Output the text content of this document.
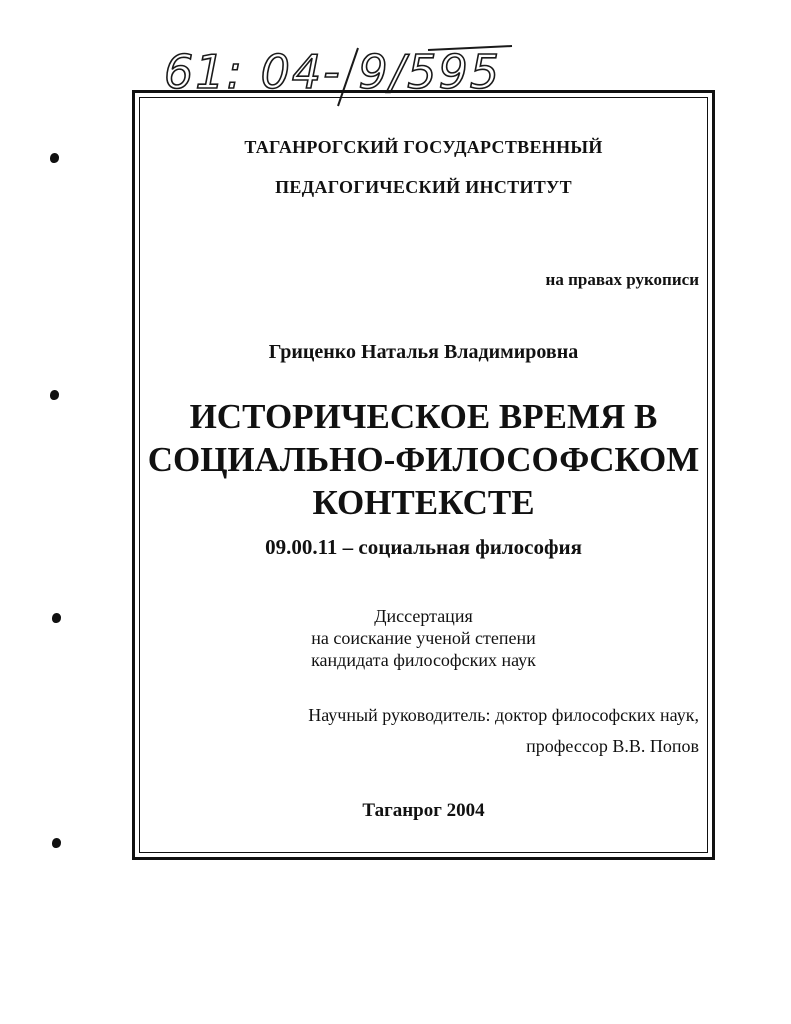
61: 04- 9/595
ТАГАНРОГСКИЙ ГОСУДАРСТВЕННЫЙ
ПЕДАГОГИЧЕСКИЙ ИНСТИТУТ
на правах рукописи
Гриценко Наталья Владимировна
ИСТОРИЧЕСКОЕ ВРЕМЯ В
СОЦИАЛЬНО-ФИЛОСОФСКОМ
КОНТЕКСТЕ
09.00.11 – социальная философия
Диссертация
на соискание ученой степени
кандидата философских наук
Научный руководитель: доктор философских наук,
профессор В.В. Попов
Таганрог 2004
